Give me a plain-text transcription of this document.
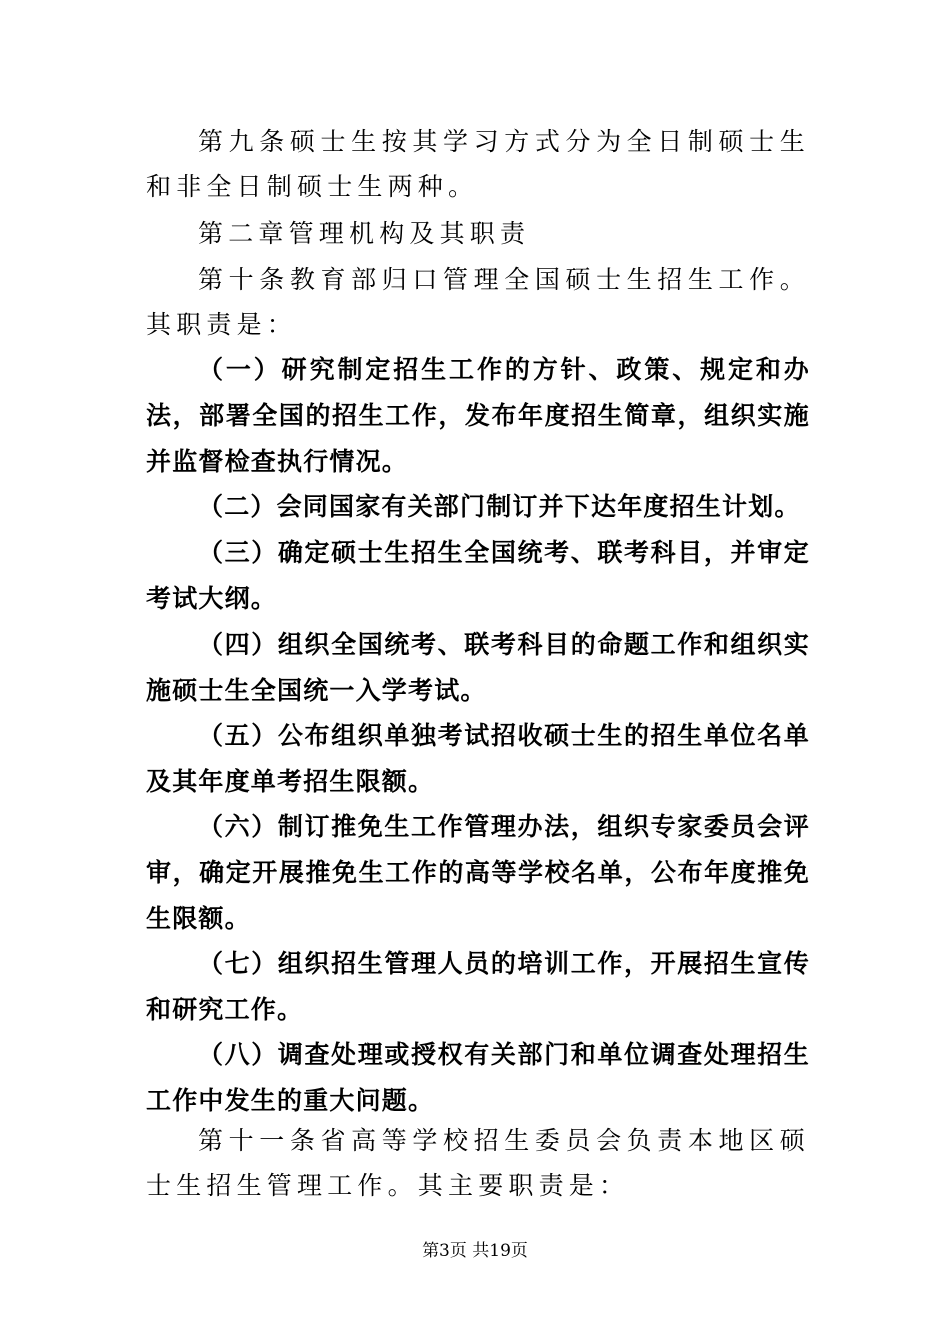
第九条硕士生按其学习方式分为全日制硕士生和非全日制硕士生两种。

第二章管理机构及其职责

第十条教育部归口管理全国硕士生招生工作。其职责是：

（一）研究制定招生工作的方针、政策、规定和办法，部署全国的招生工作，发布年度招生简章，组织实施并监督检查执行情况。

（二）会同国家有关部门制订并下达年度招生计划。

（三）确定硕士生招生全国统考、联考科目，并审定考试大纲。

（四）组织全国统考、联考科目的命题工作和组织实施硕士生全国统一入学考试。

（五）公布组织单独考试招收硕士生的招生单位名单及其年度单考招生限额。

（六）制订推免生工作管理办法，组织专家委员会评审，确定开展推免生工作的高等学校名单，公布年度推免生限额。

（七）组织招生管理人员的培训工作，开展招生宣传和研究工作。

（八）调查处理或授权有关部门和单位调查处理招生工作中发生的重大问题。

第十一条省高等学校招生委员会负责本地区硕士生招生管理工作。其主要职责是：

第3页 共19页
